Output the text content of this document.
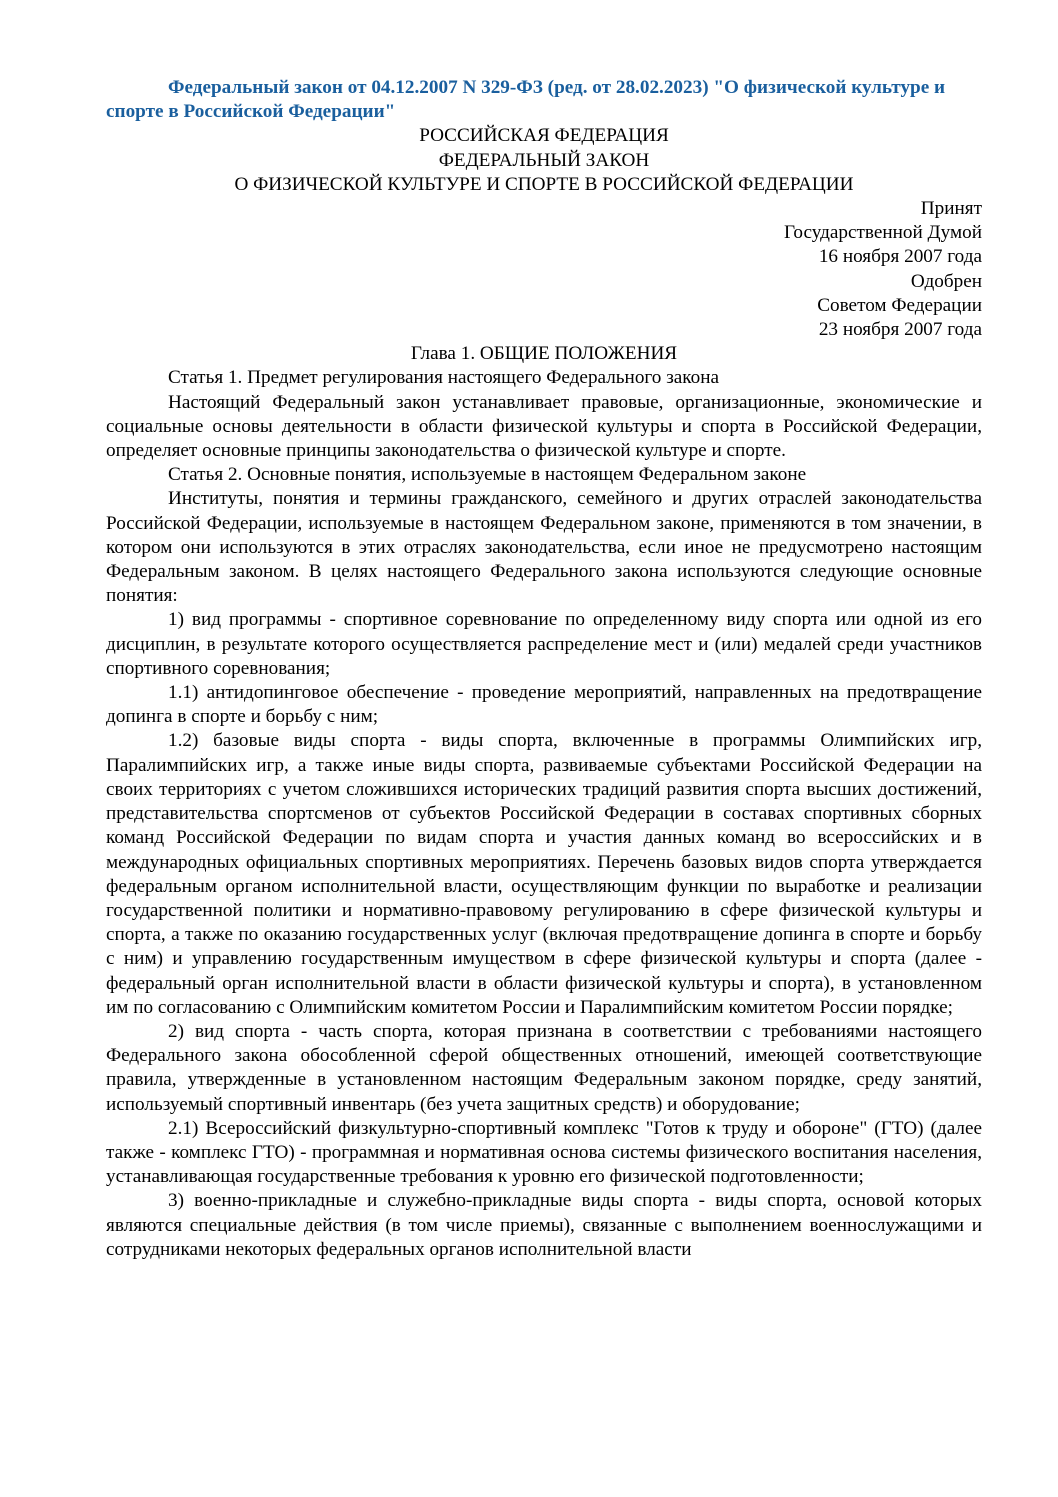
Федеральный закон от 04.12.2007 N 329-ФЗ (ред. от 28.02.2023) "О физической культуре и спорте в Российской Федерации"

РОССИЙСКАЯ ФЕДЕРАЦИЯ

ФЕДЕРАЛЬНЫЙ ЗАКОН

О ФИЗИЧЕСКОЙ КУЛЬТУРЕ И СПОРТЕ В РОССИЙСКОЙ ФЕДЕРАЦИИ

Принят

Государственной Думой

16 ноября 2007 года

Одобрен

Советом Федерации

23 ноября 2007 года

Глава 1. ОБЩИЕ ПОЛОЖЕНИЯ

Статья 1. Предмет регулирования настоящего Федерального закона

Настоящий Федеральный закон устанавливает правовые, организационные, экономические и социальные основы деятельности в области физической культуры и спорта в Российской Федерации, определяет основные принципы законодательства о физической культуре и спорте.

Статья 2. Основные понятия, используемые в настоящем Федеральном законе

Институты, понятия и термины гражданского, семейного и других отраслей законодательства Российской Федерации, используемые в настоящем Федеральном законе, применяются в том значении, в котором они используются в этих отраслях законодательства, если иное не предусмотрено настоящим Федеральным законом. В целях настоящего Федерального закона используются следующие основные понятия:

1) вид программы - спортивное соревнование по определенному виду спорта или одной из его дисциплин, в результате которого осуществляется распределение мест и (или) медалей среди участников спортивного соревнования;

1.1) антидопинговое обеспечение - проведение мероприятий, направленных на предотвращение допинга в спорте и борьбу с ним;

1.2) базовые виды спорта - виды спорта, включенные в программы Олимпийских игр, Паралимпийских игр, а также иные виды спорта, развиваемые субъектами Российской Федерации на своих территориях с учетом сложившихся исторических традиций развития спорта высших достижений, представительства спортсменов от субъектов Российской Федерации в составах спортивных сборных команд Российской Федерации по видам спорта и участия данных команд во всероссийских и в международных официальных спортивных мероприятиях. Перечень базовых видов спорта утверждается федеральным органом исполнительной власти, осуществляющим функции по выработке и реализации государственной политики и нормативно-правовому регулированию в сфере физической культуры и спорта, а также по оказанию государственных услуг (включая предотвращение допинга в спорте и борьбу с ним) и управлению государственным имуществом в сфере физической культуры и спорта (далее - федеральный орган исполнительной власти в области физической культуры и спорта), в установленном им по согласованию с Олимпийским комитетом России и Паралимпийским комитетом России порядке;

2) вид спорта - часть спорта, которая признана в соответствии с требованиями настоящего Федерального закона обособленной сферой общественных отношений, имеющей соответствующие правила, утвержденные в установленном настоящим Федеральным законом порядке, среду занятий, используемый спортивный инвентарь (без учета защитных средств) и оборудование;

2.1) Всероссийский физкультурно-спортивный комплекс "Готов к труду и обороне" (ГТО) (далее также - комплекс ГТО) - программная и нормативная основа системы физического воспитания населения, устанавливающая государственные требования к уровню его физической подготовленности;

3) военно-прикладные и служебно-прикладные виды спорта - виды спорта, основой которых являются специальные действия (в том числе приемы), связанные с выполнением военнослужащими и сотрудниками некоторых федеральных органов исполнительной власти
